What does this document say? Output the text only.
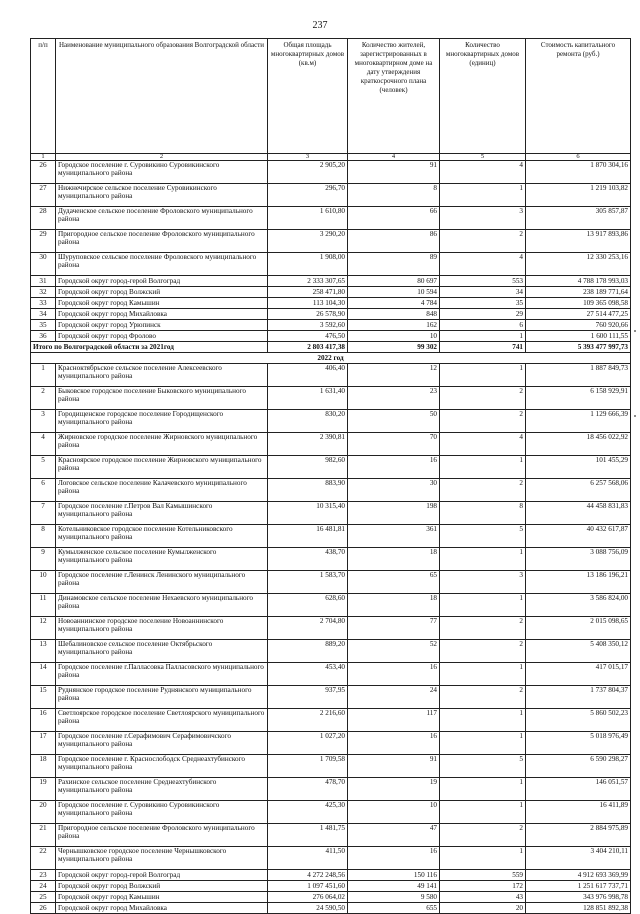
237
п/п	Наименование муниципального образования Волгоградской области	Общая площадь многоквартирных домов (кв.м)	Количество жителей, зарегистрированных в многоквартирном доме на дату утверждения краткосрочного плана (человек)	Количество многоквартирных домов (единиц)	Стоимость капитального ремонта (руб.)
1	2	3	4	5	6
26	Городское поселение г. Суровикино Суровикинского муниципального района	2 905,20	91	4	1 870 304,16
27	Нижнечирское сельское поселение Суровикинского муниципального района	296,70	8	1	1 219 103,82
28	Дудаченское сельское поселение Фроловского муниципального района	1 610,80	66	3	305 857,87
29	Пригородное сельское поселение Фроловского муниципального района	3 290,20	86	2	13 917 893,86
30	Шуруповское сельское поселение Фроловского муниципального района	1 908,00	89	4	12 330 253,16
31	Городской округ город-герой Волгоград	2 333 307,65	80 697	553	4 788 178 993,03
32	Городской округ город Волжский	258 471,80	10 594	34	238 189 771,64
33	Городской округ город Камышин	113 104,30	4 784	35	109 365 098,58
34	Городской округ город Михайловка	26 578,90	848	29	27 514 477,25
35	Городской округ город Урюпинск	3 592,60	162	6	760 920,66
36	Городской округ город Фролово	476,50	10	1	1 600 111,55
Итого по Волгоградской области за 2021год		2 803 417,38	99 302	741	5 393 477 997,73
2022 год					
1	Красноктябрьское сельское поселение Алексеевского муниципального района	406,40	12	1	1 887 849,73
2	Быковское городское поселение Быковского муниципального района	1 631,40	23	2	6 158 929,91
3	Городищенское городское поселение Городищенского муниципального района	830,20	50	2	1 129 666,39
4	Жирновское городское поселение Жирновского муниципального района	2 390,81	70	4	18 456 022,92
5	Красноярское городское поселение Жирновского муниципального района	982,60	16	1	101 455,29
6	Логовское сельское поселение Калачевского муниципального района	883,90	30	2	6 257 568,06
7	Городское поселение г.Петров Вал Камышинского муниципального района	10 315,40	198	8	44 458 831,83
8	Котельниковское городское поселение Котельниковского муниципального района	16 481,81	361	5	40 432 617,87
9	Кумылженское сельское поселение Кумылженского муниципального района	438,70	18	1	3 088 756,09
10	Городское поселение г.Ленинск Ленинского муниципального района	1 583,70	65	3	13 186 196,21
11	Динамовское сельское поселение Нехаевского муниципального района	628,60	18	1	3 586 824,00
12	Новоаннинское городское поселение Новоаннинского муниципального района	2 704,80	77	2	2 015 098,65
13	Шебалиновское сельское поселение Октябрьского муниципального района	889,20	52	2	5 408 350,12
14	Городское поселение г.Палласовка Палласовского муниципального района	453,40	16	1	417 015,17
15	Руднянское городское поселение Руднянского муниципального района	937,95	24	2	1 737 804,37
16	Светлоярское городское поселение Светлоярского муниципального района	2 216,60	117	1	5 860 502,23
17	Городское поселение г.Серафимович Серафимовичского муниципального района	1 027,20	16	1	5 018 976,49
18	Городское поселение г. Краснослободск Среднеахтубинского муниципального района	1 709,58	91	5	6 590 298,27
19	Рахинское сельское поселение Среднеахтубинского муниципального района	478,70	19	1	146 051,57
20	Городское поселение г. Суровикино Суровикинского муниципального района	425,30	10	1	16 411,89
21	Пригородное сельское поселение Фроловского муниципального района	1 481,75	47	2	2 884 975,89
22	Чернышковское городское поселение Чернышковского муниципального района	411,50	16	1	3 404 210,11
23	Городской округ город-герой Волгоград	4 272 248,56	150 116	559	4 912 693 369,99
24	Городской округ город Волжский	1 097 451,60	49 141	172	1 251 617 737,71
25	Городской округ город Камышин	276 064,02	9 580	43	343 976 998,78
26	Городской округ город Михайловка	24 590,50	655	20	128 851 892,38
